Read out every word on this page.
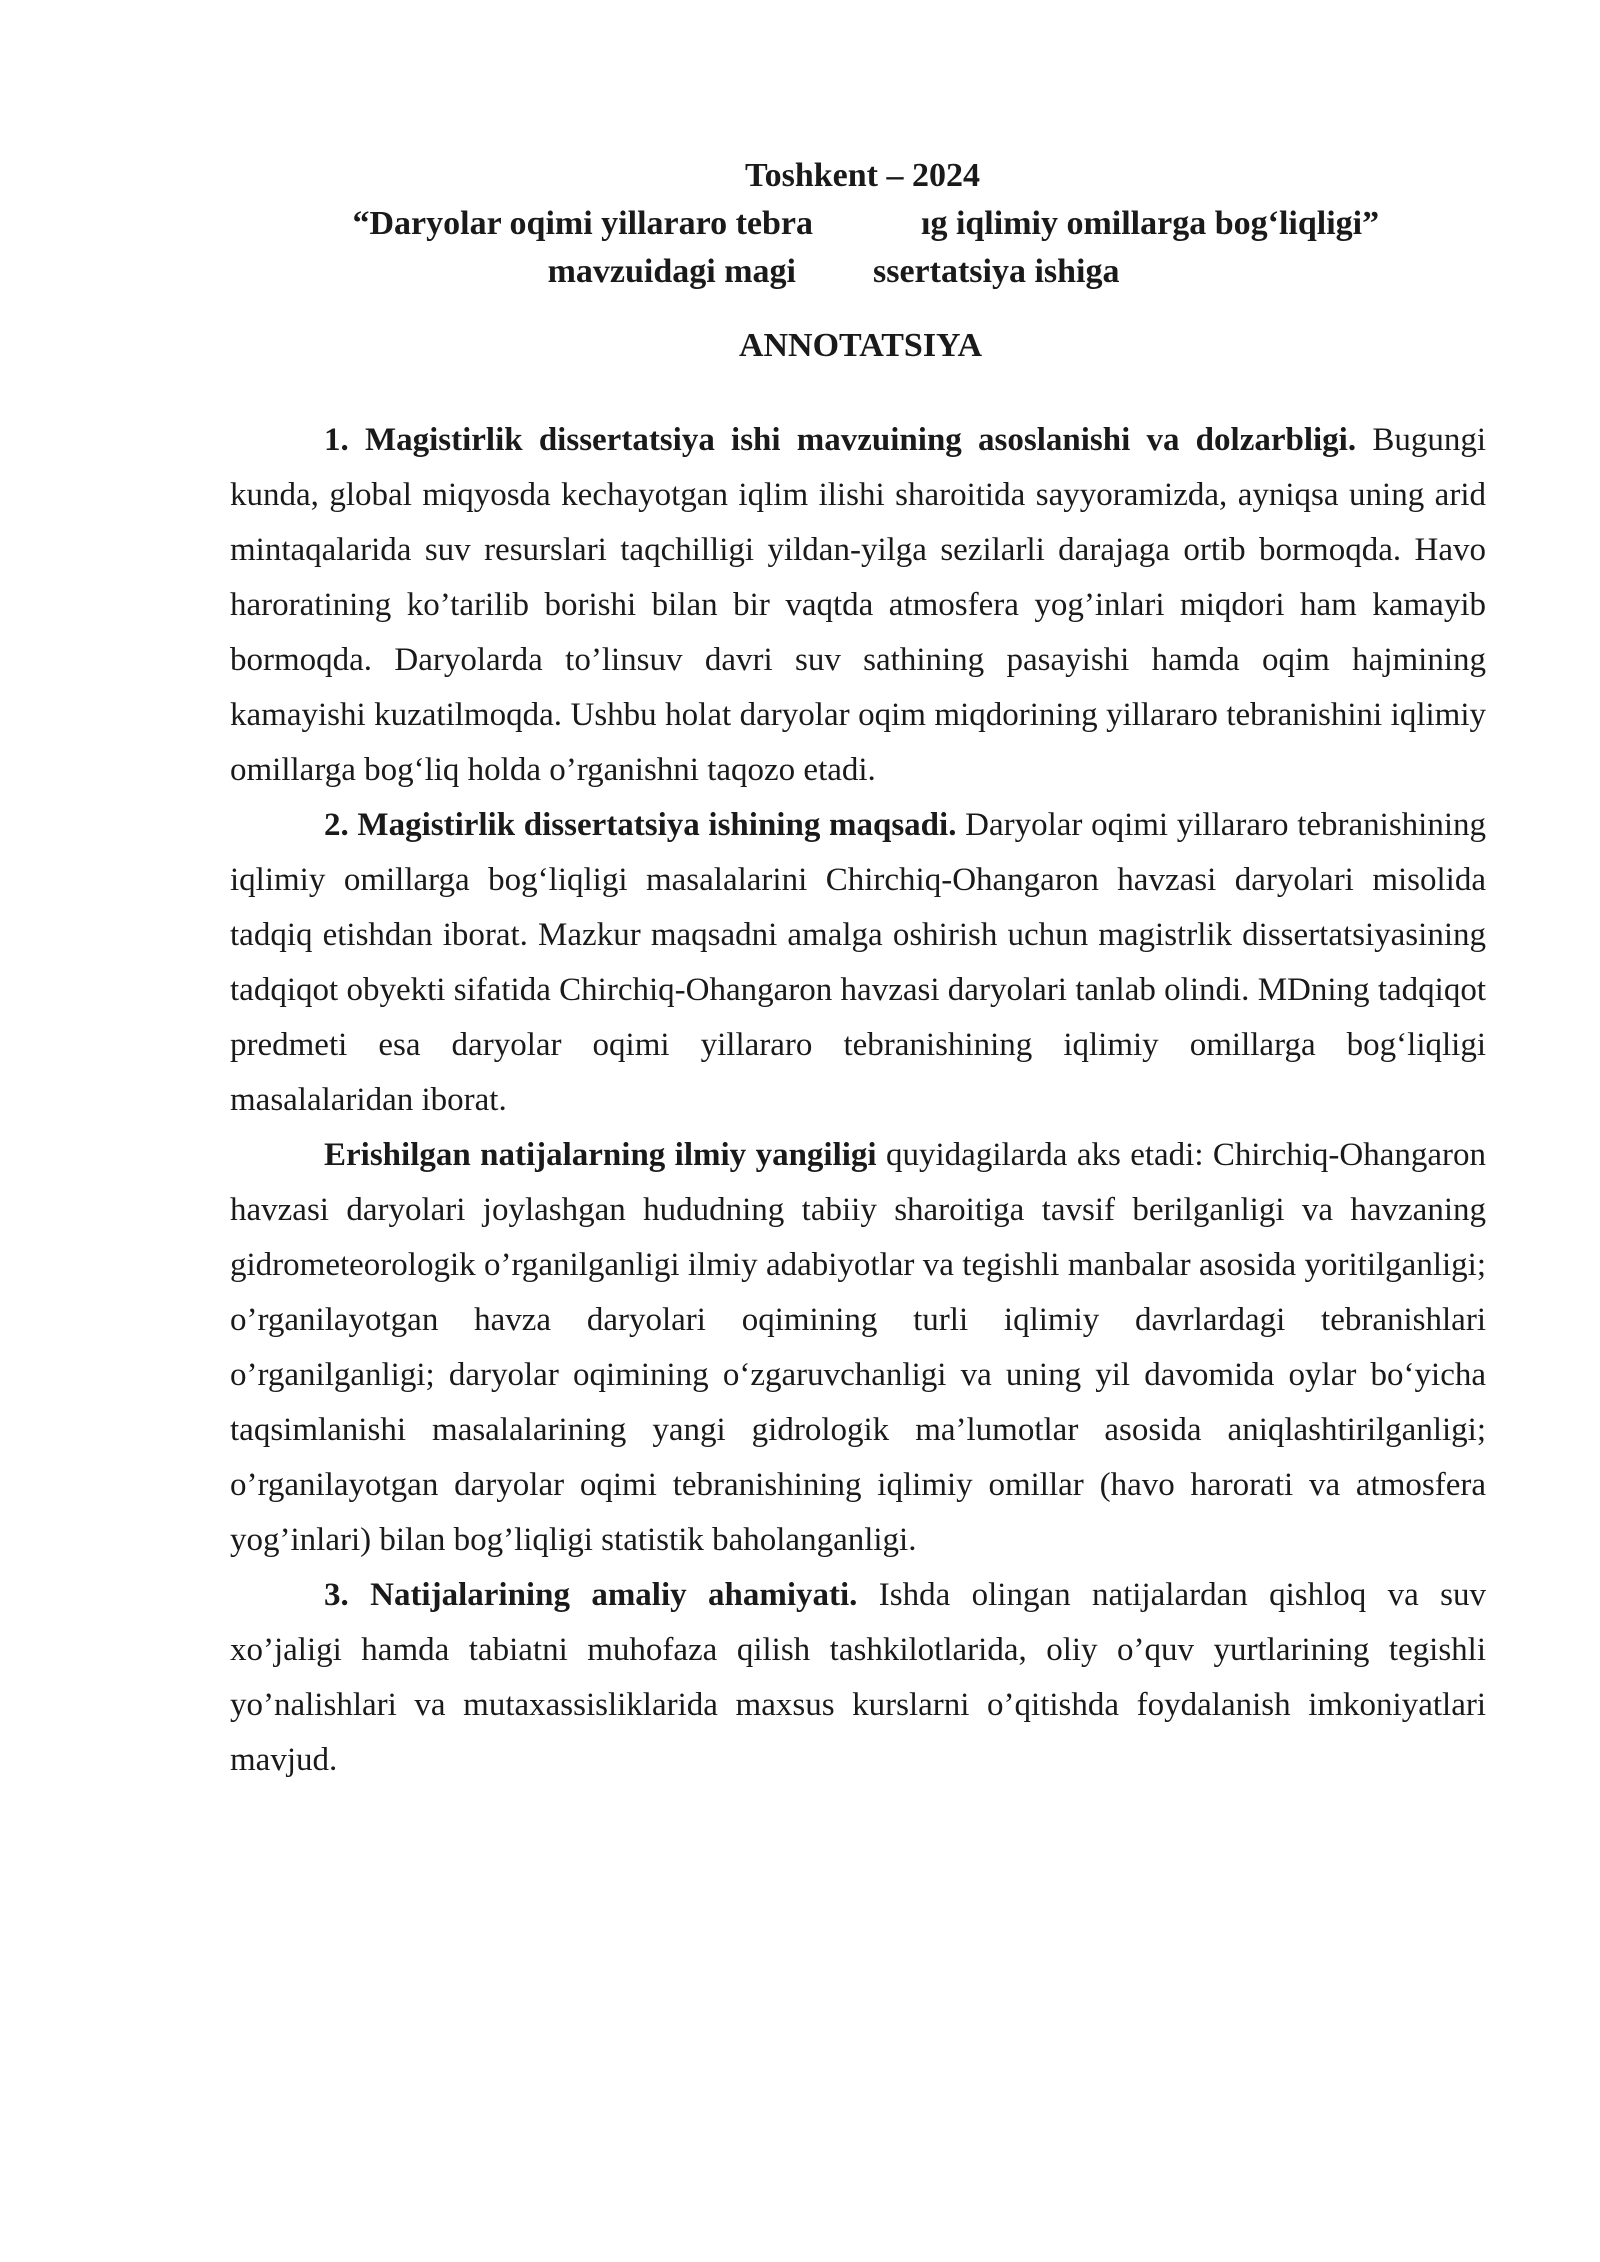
Toshkent – 2024
“Daryolar oqimi yillararo tebra	ıg iqlimiy omillarga bog‘liqligi”
mavzuidagi magi ssertatsiya ishiga
ANNOTATSIYA

1. Magistirlik dissertatsiya ishi mavzuining asoslanishi va dolzarbligi. Bugungi kunda, global miqyosda kechayotgan iqlim ilishi sharoitida sayyoramizda, ayniqsa uning arid mintaqalarida suv resurslari taqchilligi yildan-yilga sezilarli darajaga ortib bormoqda. Havo haroratining ko’tarilib borishi bilan bir vaqtda atmosfera yog’inlari miqdori ham kamayib bormoqda. Daryolarda to’linsuv davri suv sathining pasayishi hamda oqim hajmining kamayishi kuzatilmoqda. Ushbu holat daryolar oqim miqdorining yillararo tebranishini iqlimiy omillarga bog‘liq holda o’rganishni taqozo etadi.

2. Magistirlik dissertatsiya ishining maqsadi. Daryolar oqimi yillararo tebranishining iqlimiy omillarga bog‘liqligi masalalarini Chirchiq-Ohangaron havzasi daryolari misolida tadqiq etishdan iborat. Mazkur maqsadni amalga oshirish uchun magistrlik dissertatsiyasining tadqiqot obyekti sifatida Chirchiq-Ohangaron havzasi daryolari tanlab olindi. MDning tadqiqot predmeti esa daryolar oqimi yillararo tebranishining iqlimiy omillarga bog‘liqligi masalalaridan iborat.

Erishilgan natijalarning ilmiy yangiligi quyidagilarda aks etadi: Chirchiq-Ohangaron havzasi daryolari joylashgan hududning tabiiy sharoitiga tavsif berilganligi va havzaning gidrometeorologik o’rganilganligi ilmiy adabiyotlar va tegishli manbalar asosida yoritilganligi; o’rganilayotgan havza daryolari oqimining turli iqlimiy davrlardagi tebranishlari o’rganilganligi; daryolar oqimining o‘zgaruvchanligi va uning yil davomida oylar bo‘yicha taqsimlanishi masalalarining yangi gidrologik ma’lumotlar asosida aniqlashtirilganligi; o’rganilayotgan daryolar oqimi tebranishining iqlimiy omillar (havo harorati va atmosfera yog’inlari) bilan bog’liqligi statistik baholanganligi.

3. Natijalarining amaliy ahamiyati. Ishda olingan natijalardan qishloq va suv xo’jaligi hamda tabiatni muhofaza qilish tashkilotlarida, oliy o’quv yurtlarining tegishli yo’nalishlari va mutaxassisliklarida maxsus kurslarni o’qitishda foydalanish imkoniyatlari mavjud.
